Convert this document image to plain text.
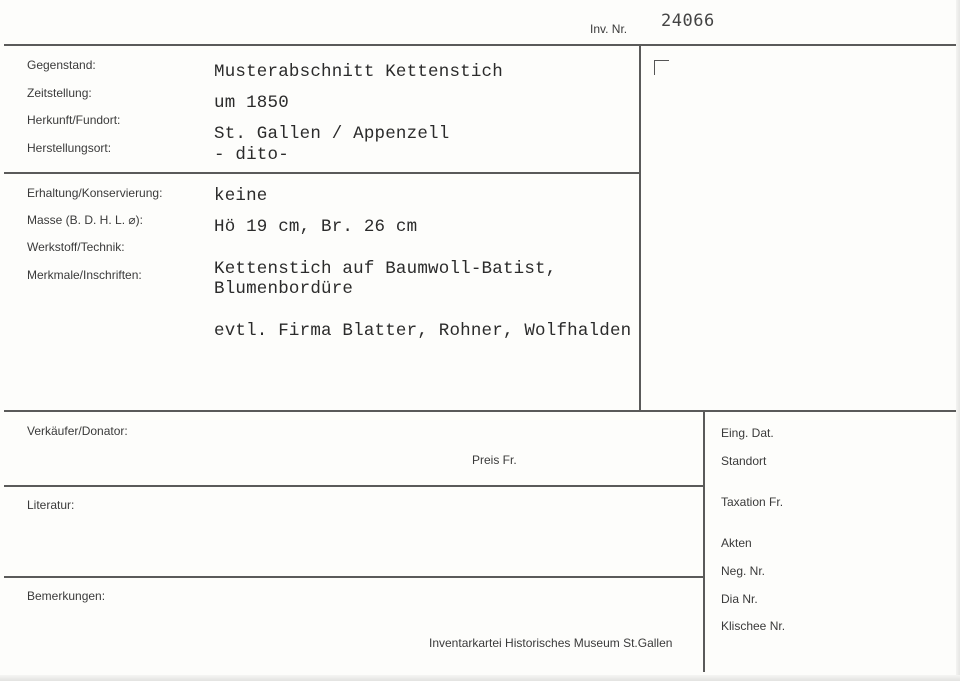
Inv. Nr. 24066
Gegenstand:
Zeitstellung:
Herkunft/Fundort:
Herstellungsort:
Musterabschnitt Kettenstich
um 1850
St. Gallen / Appenzell
- dito-
Erhaltung/Konservierung:
Masse (B. D. H. L. ⌀):
Werkstoff/Technik:
Merkmale/Inschriften:
keine
Hö 19 cm, Br. 26 cm
Kettenstich auf Baumwoll-Batist,
Blumenbordüre
evtl. Firma Blatter, Rohner, Wolfhalden
Verkäufer/Donator:
Preis Fr.
Literatur:
Bemerkungen:
Inventarkartei Historisches Museum St.Gallen
Eing. Dat.
Standort
Taxation Fr.
Akten
Neg. Nr.
Dia Nr.
Klischee Nr.
